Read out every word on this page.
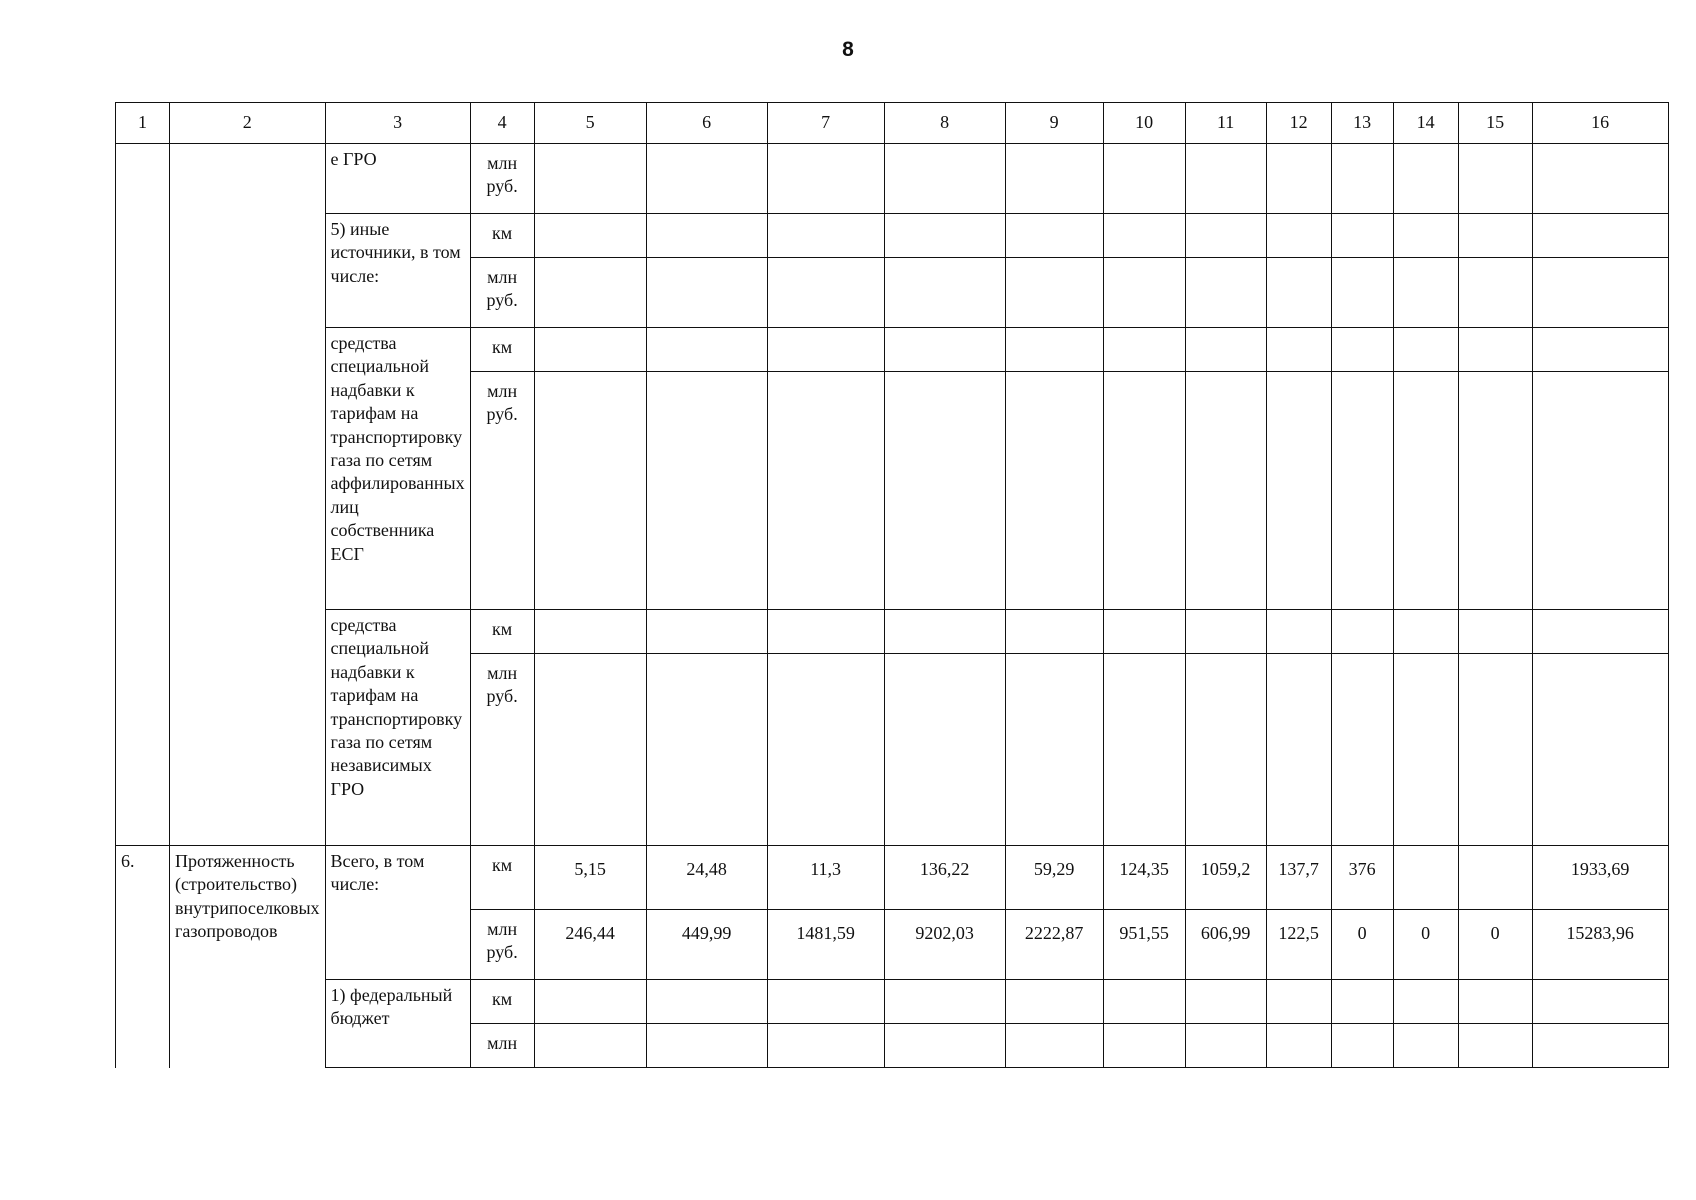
8
1	2	3	4	5	6	7	8	9	10	11	12	13	14	15	16
		е ГРО	млн руб.												
		5) иные источники, в том числе:	км												
			млн руб.												
		средства специальной надбавки к тарифам на транспортировку газа по сетям аффилированных лиц собственника ЕСГ	км												
			млн руб.												
		средства специальной надбавки к тарифам на транспортировку газа по сетям независимых ГРО	км												
			млн руб.												
6.	Протяженность (строительство) внутрипоселковых газопроводов	Всего, в том числе:	км	5,15	24,48	11,3	136,22	59,29	124,35	1059,2	137,7	376			1933,69
			млн руб.	246,44	449,99	1481,59	9202,03	2222,87	951,55	606,99	122,5	0	0	0	15283,96
		1) федеральный бюджет	км												
			млн												
